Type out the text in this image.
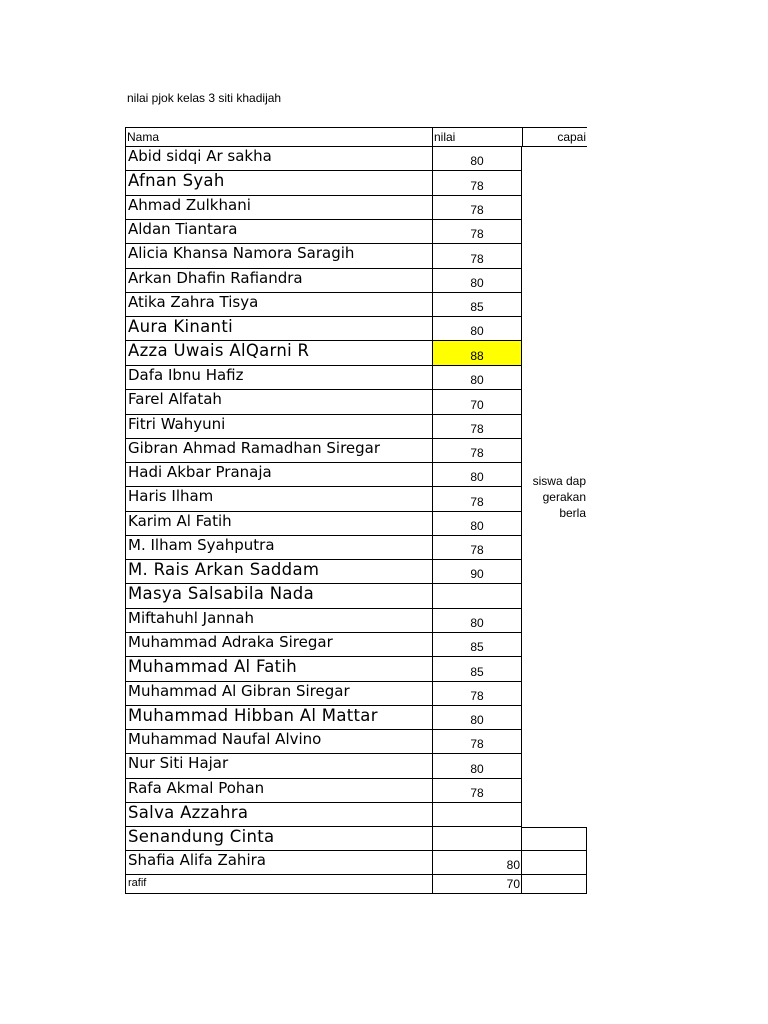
nilai pjok kelas 3 siti khadijah
Nama	nilai	capai
Abid sidqi Ar sakha	80
Afnan Syah	78
Ahmad Zulkhani	78
Aldan Tiantara	78
Alicia Khansa Namora Saragih	78
Arkan Dhafin Rafiandra	80
Atika Zahra Tisya	85
Aura Kinanti	80
Azza Uwais AlQarni R	88
Dafa Ibnu Hafiz	80
Farel Alfatah	70
Fitri Wahyuni	78
Gibran Ahmad Ramadhan Siregar	78
Hadi Akbar Pranaja	80
Haris Ilham	78
Karim Al Fatih	80
M. Ilham Syahputra	78
M. Rais Arkan Saddam	90
Masya Salsabila Nada
Miftahuhl Jannah	80
Muhammad Adraka Siregar	85
Muhammad Al Fatih	85
Muhammad Al Gibran Siregar	78
Muhammad Hibban Al Mattar	80
Muhammad Naufal Alvino	78
Nur Siti Hajar	80
Rafa Akmal Pohan	78
Salva Azzahra
Senandung Cinta
Shafia Alifa Zahira	80
rafif	70
siswa dap
gerakan
berla
